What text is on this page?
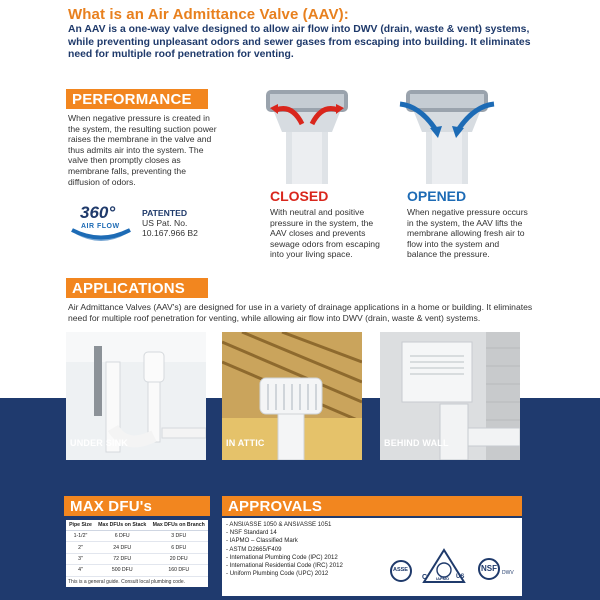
What is an Air Admittance Valve (AAV):
An AAV is a one-way valve designed to allow air flow into DWV (drain, waste & vent) systems, while preventing unpleasant odors and sewer gases from escaping into building. It eliminates need for multiple roof penetration for venting.
PERFORMANCE
When negative pressure is created in the system, the resulting suction power raises the membrane in the valve and thus admits air into the system. The valve then promptly closes as membrane falls, preventing the diffusion of odors.
360°
AIR FLOW
PATENTED
US Pat. No.
10.167.966 B2
CLOSED
With neutral and positive pressure in the system, the AAV closes and prevents sewage odors from escaping into your living space.
OPENED
When negative pressure occurs in the system, the AAV lifts the membrane allowing fresh air to flow into the system and balance the pressure.
APPLICATIONS
Air Admittance Valves (AAV's) are designed for use in a variety of drainage applications in a home or building. It eliminates need for multiple roof penetration for venting, while allowing air flow into DWV (drain, waste & vent) systems.
UNDER SINK	IN ATTIC	BEHIND WALL
MAX DFU's
Pipe Size	Max DFUs on Stack	Max DFUs on Branch
1-1/2"	6 DFU	3 DFU
2"	24 DFU	6 DFU
3"	72 DFU	20 DFU
4"	500 DFU	160 DFU
This is a general guide. Consult local plumbing code.
APPROVALS
- ANSI/ASSE 1050 & ANSI/ASSE 1051
- NSF Standard 14
- IAPMO – Classified Mark
- ASTM D2665/F409
- International Plumbing Code (IPC) 2012
- International Residential Code (IRC) 2012
- Uniform Plumbing Code (UPC) 2012
ASSE
C	US
IAPMO
NSF DWV
